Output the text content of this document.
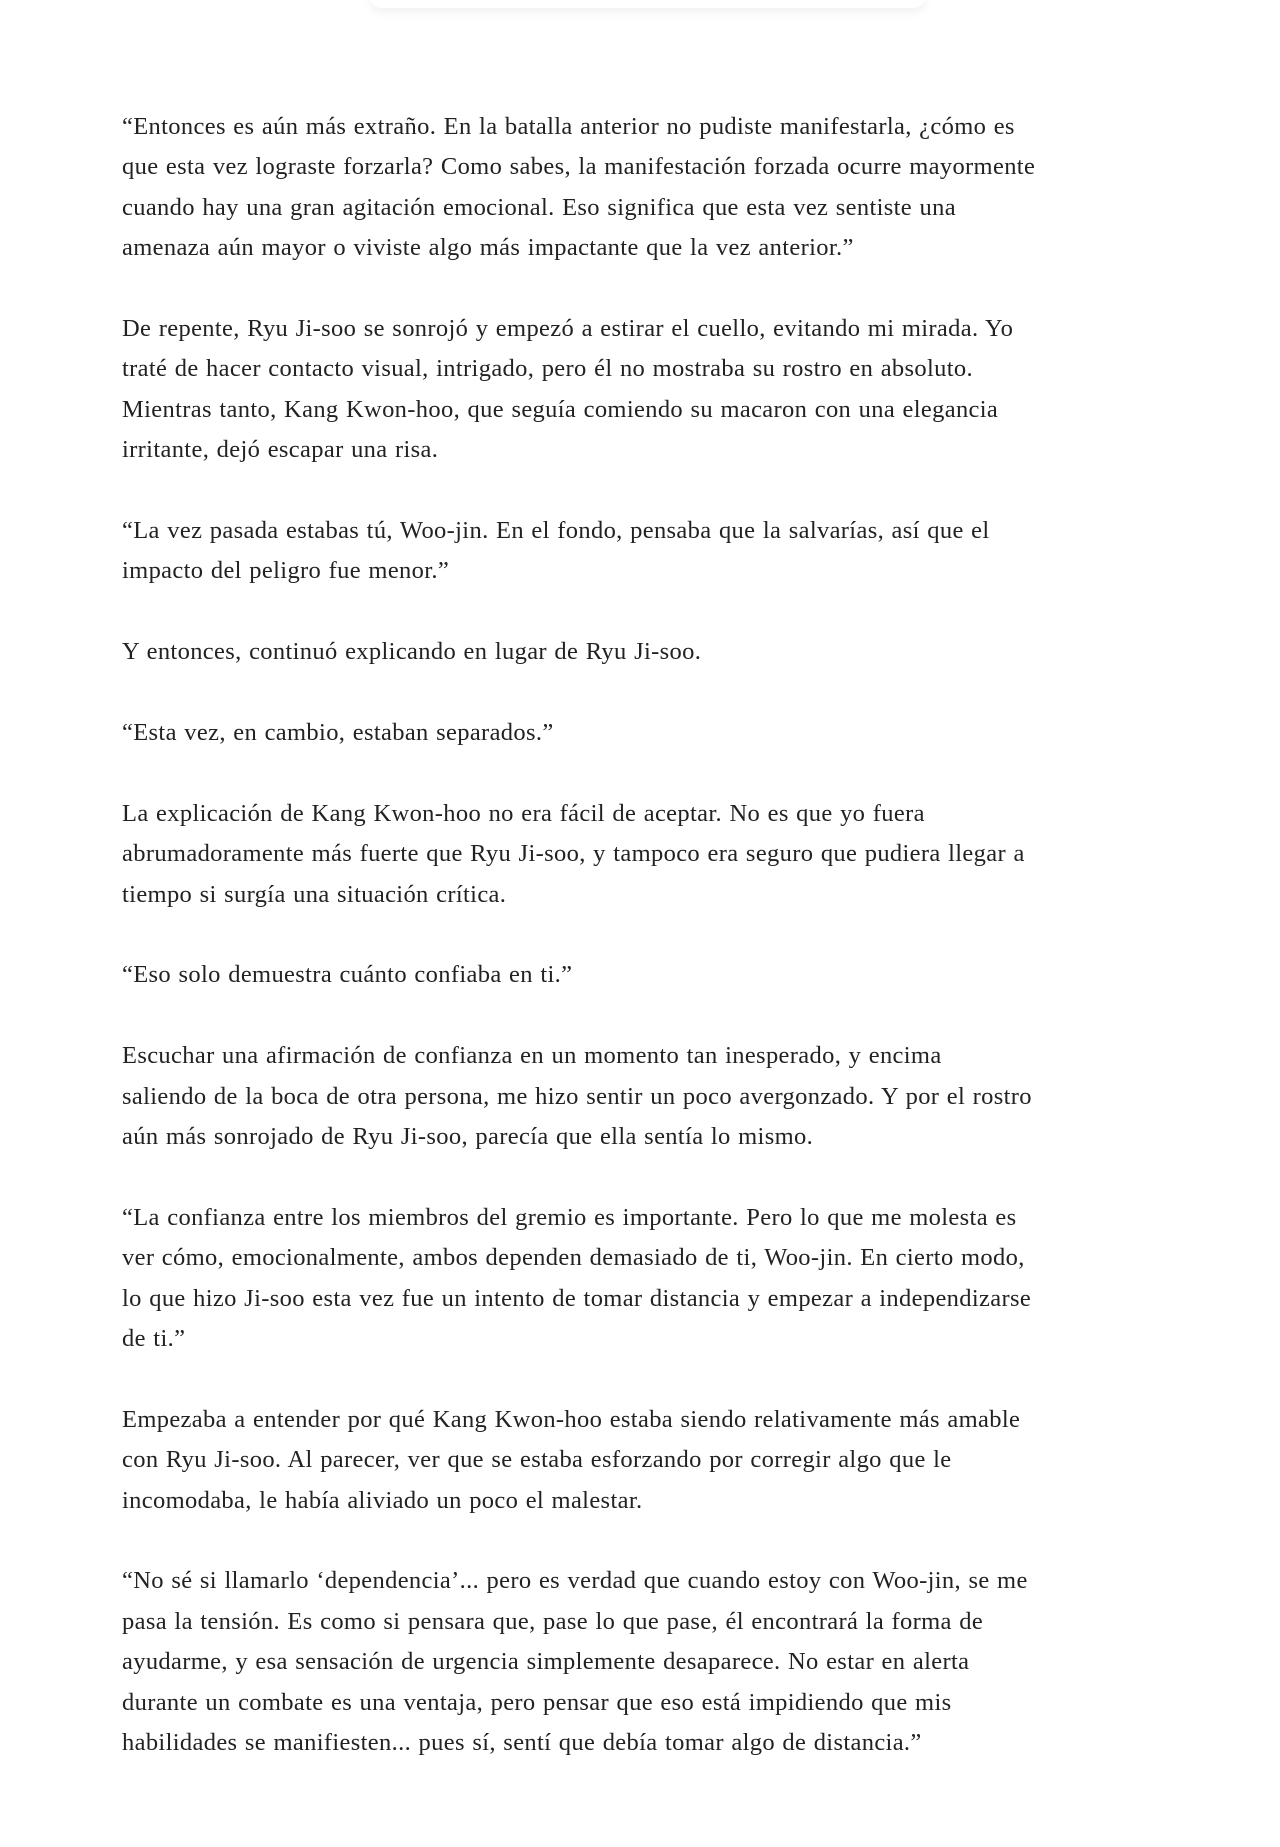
“Entonces es aún más extraño. En la batalla anterior no pudiste manifestarla, ¿cómo es
que esta vez lograste forzarla? Como sabes, la manifestación forzada ocurre mayormente
cuando hay una gran agitación emocional. Eso significa que esta vez sentiste una
amenaza aún mayor o viviste algo más impactante que la vez anterior.”

De repente, Ryu Ji-soo se sonrojó y empezó a estirar el cuello, evitando mi mirada. Yo
traté de hacer contacto visual, intrigado, pero él no mostraba su rostro en absoluto.
Mientras tanto, Kang Kwon-hoo, que seguía comiendo su macaron con una elegancia
irritante, dejó escapar una risa.

“La vez pasada estabas tú, Woo-jin. En el fondo, pensaba que la salvarías, así que el
impacto del peligro fue menor.”

Y entonces, continuó explicando en lugar de Ryu Ji-soo.

“Esta vez, en cambio, estaban separados.”

La explicación de Kang Kwon-hoo no era fácil de aceptar. No es que yo fuera
abrumadoramente más fuerte que Ryu Ji-soo, y tampoco era seguro que pudiera llegar a
tiempo si surgía una situación crítica.

“Eso solo demuestra cuánto confiaba en ti.”

Escuchar una afirmación de confianza en un momento tan inesperado, y encima
saliendo de la boca de otra persona, me hizo sentir un poco avergonzado. Y por el rostro
aún más sonrojado de Ryu Ji-soo, parecía que ella sentía lo mismo.

“La confianza entre los miembros del gremio es importante. Pero lo que me molesta es
ver cómo, emocionalmente, ambos dependen demasiado de ti, Woo-jin. En cierto modo,
lo que hizo Ji-soo esta vez fue un intento de tomar distancia y empezar a independizarse
de ti.”

Empezaba a entender por qué Kang Kwon-hoo estaba siendo relativamente más amable
con Ryu Ji-soo. Al parecer, ver que se estaba esforzando por corregir algo que le
incomodaba, le había aliviado un poco el malestar.

“No sé si llamarlo ‘dependencia’... pero es verdad que cuando estoy con Woo-jin, se me
pasa la tensión. Es como si pensara que, pase lo que pase, él encontrará la forma de
ayudarme, y esa sensación de urgencia simplemente desaparece. No estar en alerta
durante un combate es una ventaja, pero pensar que eso está impidiendo que mis
habilidades se manifiesten... pues sí, sentí que debía tomar algo de distancia.”
